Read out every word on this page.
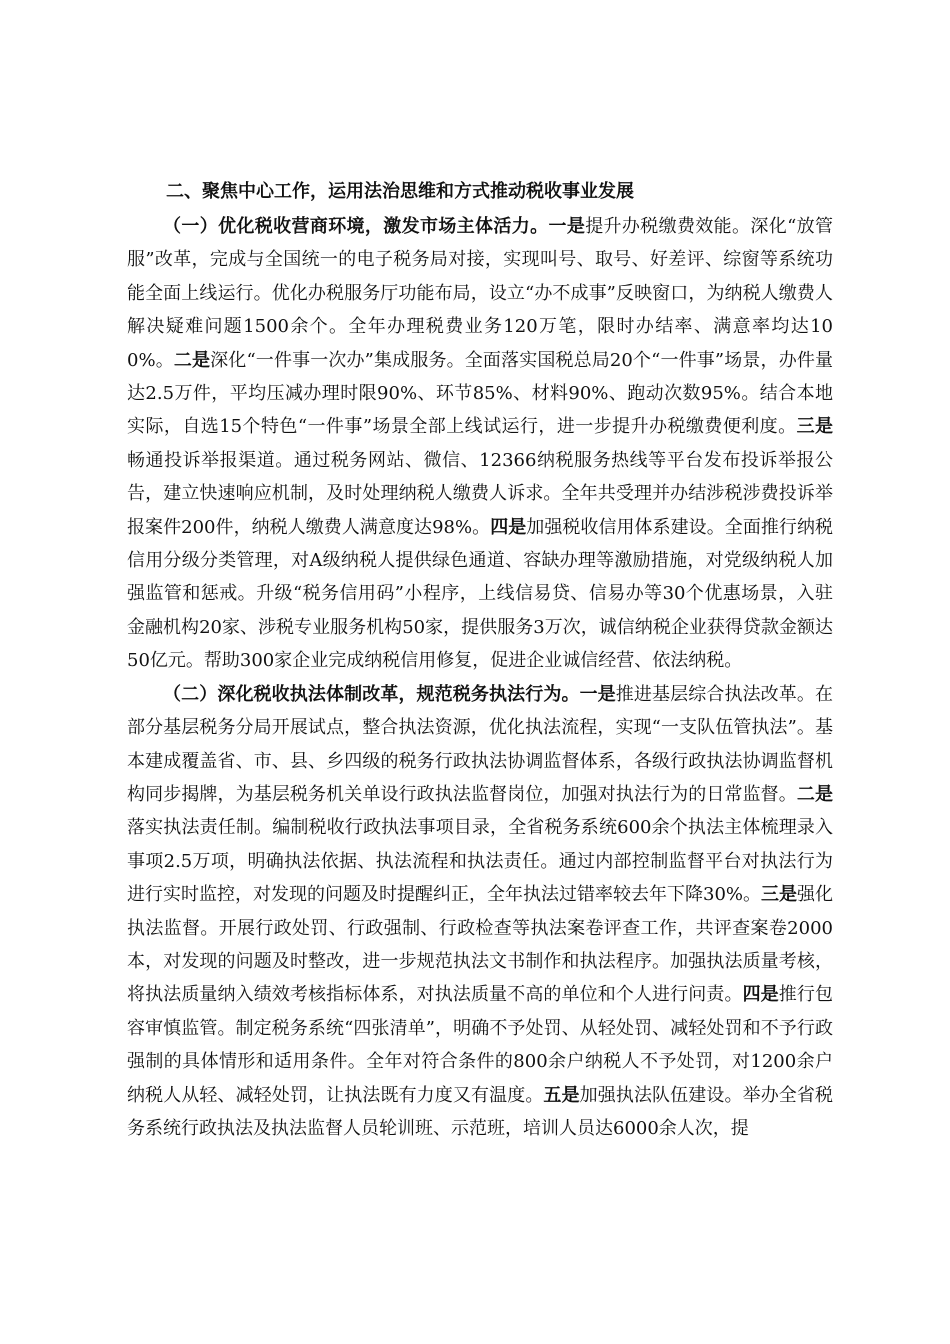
二、聚焦中心工作，运用法治思维和方式推动税收事业发展

（一）优化税收营商环境，激发市场主体活力。一是提升办税缴费效能。深化“放管服”改革，完成与全国统一的电子税务局对接，实现叫号、取号、好差评、综窗等系统功能全面上线运行。优化办税服务厅功能布局，设立“办不成事”反映窗口，为纳税人缴费人解决疑难问题1500余个。全年办理税费业务120万笔，限时办结率、满意率均达100%。二是深化“一件事一次办”集成服务。全面落实国税总局20个“一件事”场景，办件量达2.5万件，平均压减办理时限90%、环节85%、材料90%、跑动次数95%。结合本地实际，自选15个特色“一件事”场景全部上线试运行，进一步提升办税缴费便利度。三是畅通投诉举报渠道。通过税务网站、微信、12366纳税服务热线等平台发布投诉举报公告，建立快速响应机制，及时处理纳税人缴费人诉求。全年共受理并办结涉税涉费投诉举报案件200件，纳税人缴费人满意度达98%。四是加强税收信用体系建设。全面推行纳税信用分级分类管理，对A级纳税人提供绿色通道、容缺办理等激励措施，对党级纳税人加强监管和惩戒。升级“税务信用码”小程序，上线信易贷、信易办等30个优惠场景，入驻金融机构20家、涉税专业服务机构50家，提供服务3万次，诚信纳税企业获得贷款金额达50亿元。帮助300家企业完成纳税信用修复，促进企业诚信经营、依法纳税。

（二）深化税收执法体制改革，规范税务执法行为。一是推进基层综合执法改革。在部分基层税务分局开展试点，整合执法资源，优化执法流程，实现“一支队伍管执法”。基本建成覆盖省、市、县、乡四级的税务行政执法协调监督体系，各级行政执法协调监督机构同步揭牌，为基层税务机关单设行政执法监督岗位，加强对执法行为的日常监督。二是落实执法责任制。编制税收行政执法事项目录，全省税务系统600余个执法主体梳理录入事项2.5万项，明确执法依据、执法流程和执法责任。通过内部控制监督平台对执法行为进行实时监控，对发现的问题及时提醒纠正，全年执法过错率较去年下降30%。三是强化执法监督。开展行政处罚、行政强制、行政检查等执法案卷评查工作，共评查案卷2000本，对发现的问题及时整改，进一步规范执法文书制作和执法程序。加强执法质量考核，将执法质量纳入绩效考核指标体系，对执法质量不高的单位和个人进行问责。四是推行包容审慎监管。制定税务系统“四张清单”，明确不予处罚、从轻处罚、减轻处罚和不予行政强制的具体情形和适用条件。全年对符合条件的800余户纳税人不予处罚，对1200余户纳税人从轻、减轻处罚，让执法既有力度又有温度。五是加强执法队伍建设。举办全省税务系统行政执法及执法监督人员轮训班、示范班，培训人员达6000余人次，提
